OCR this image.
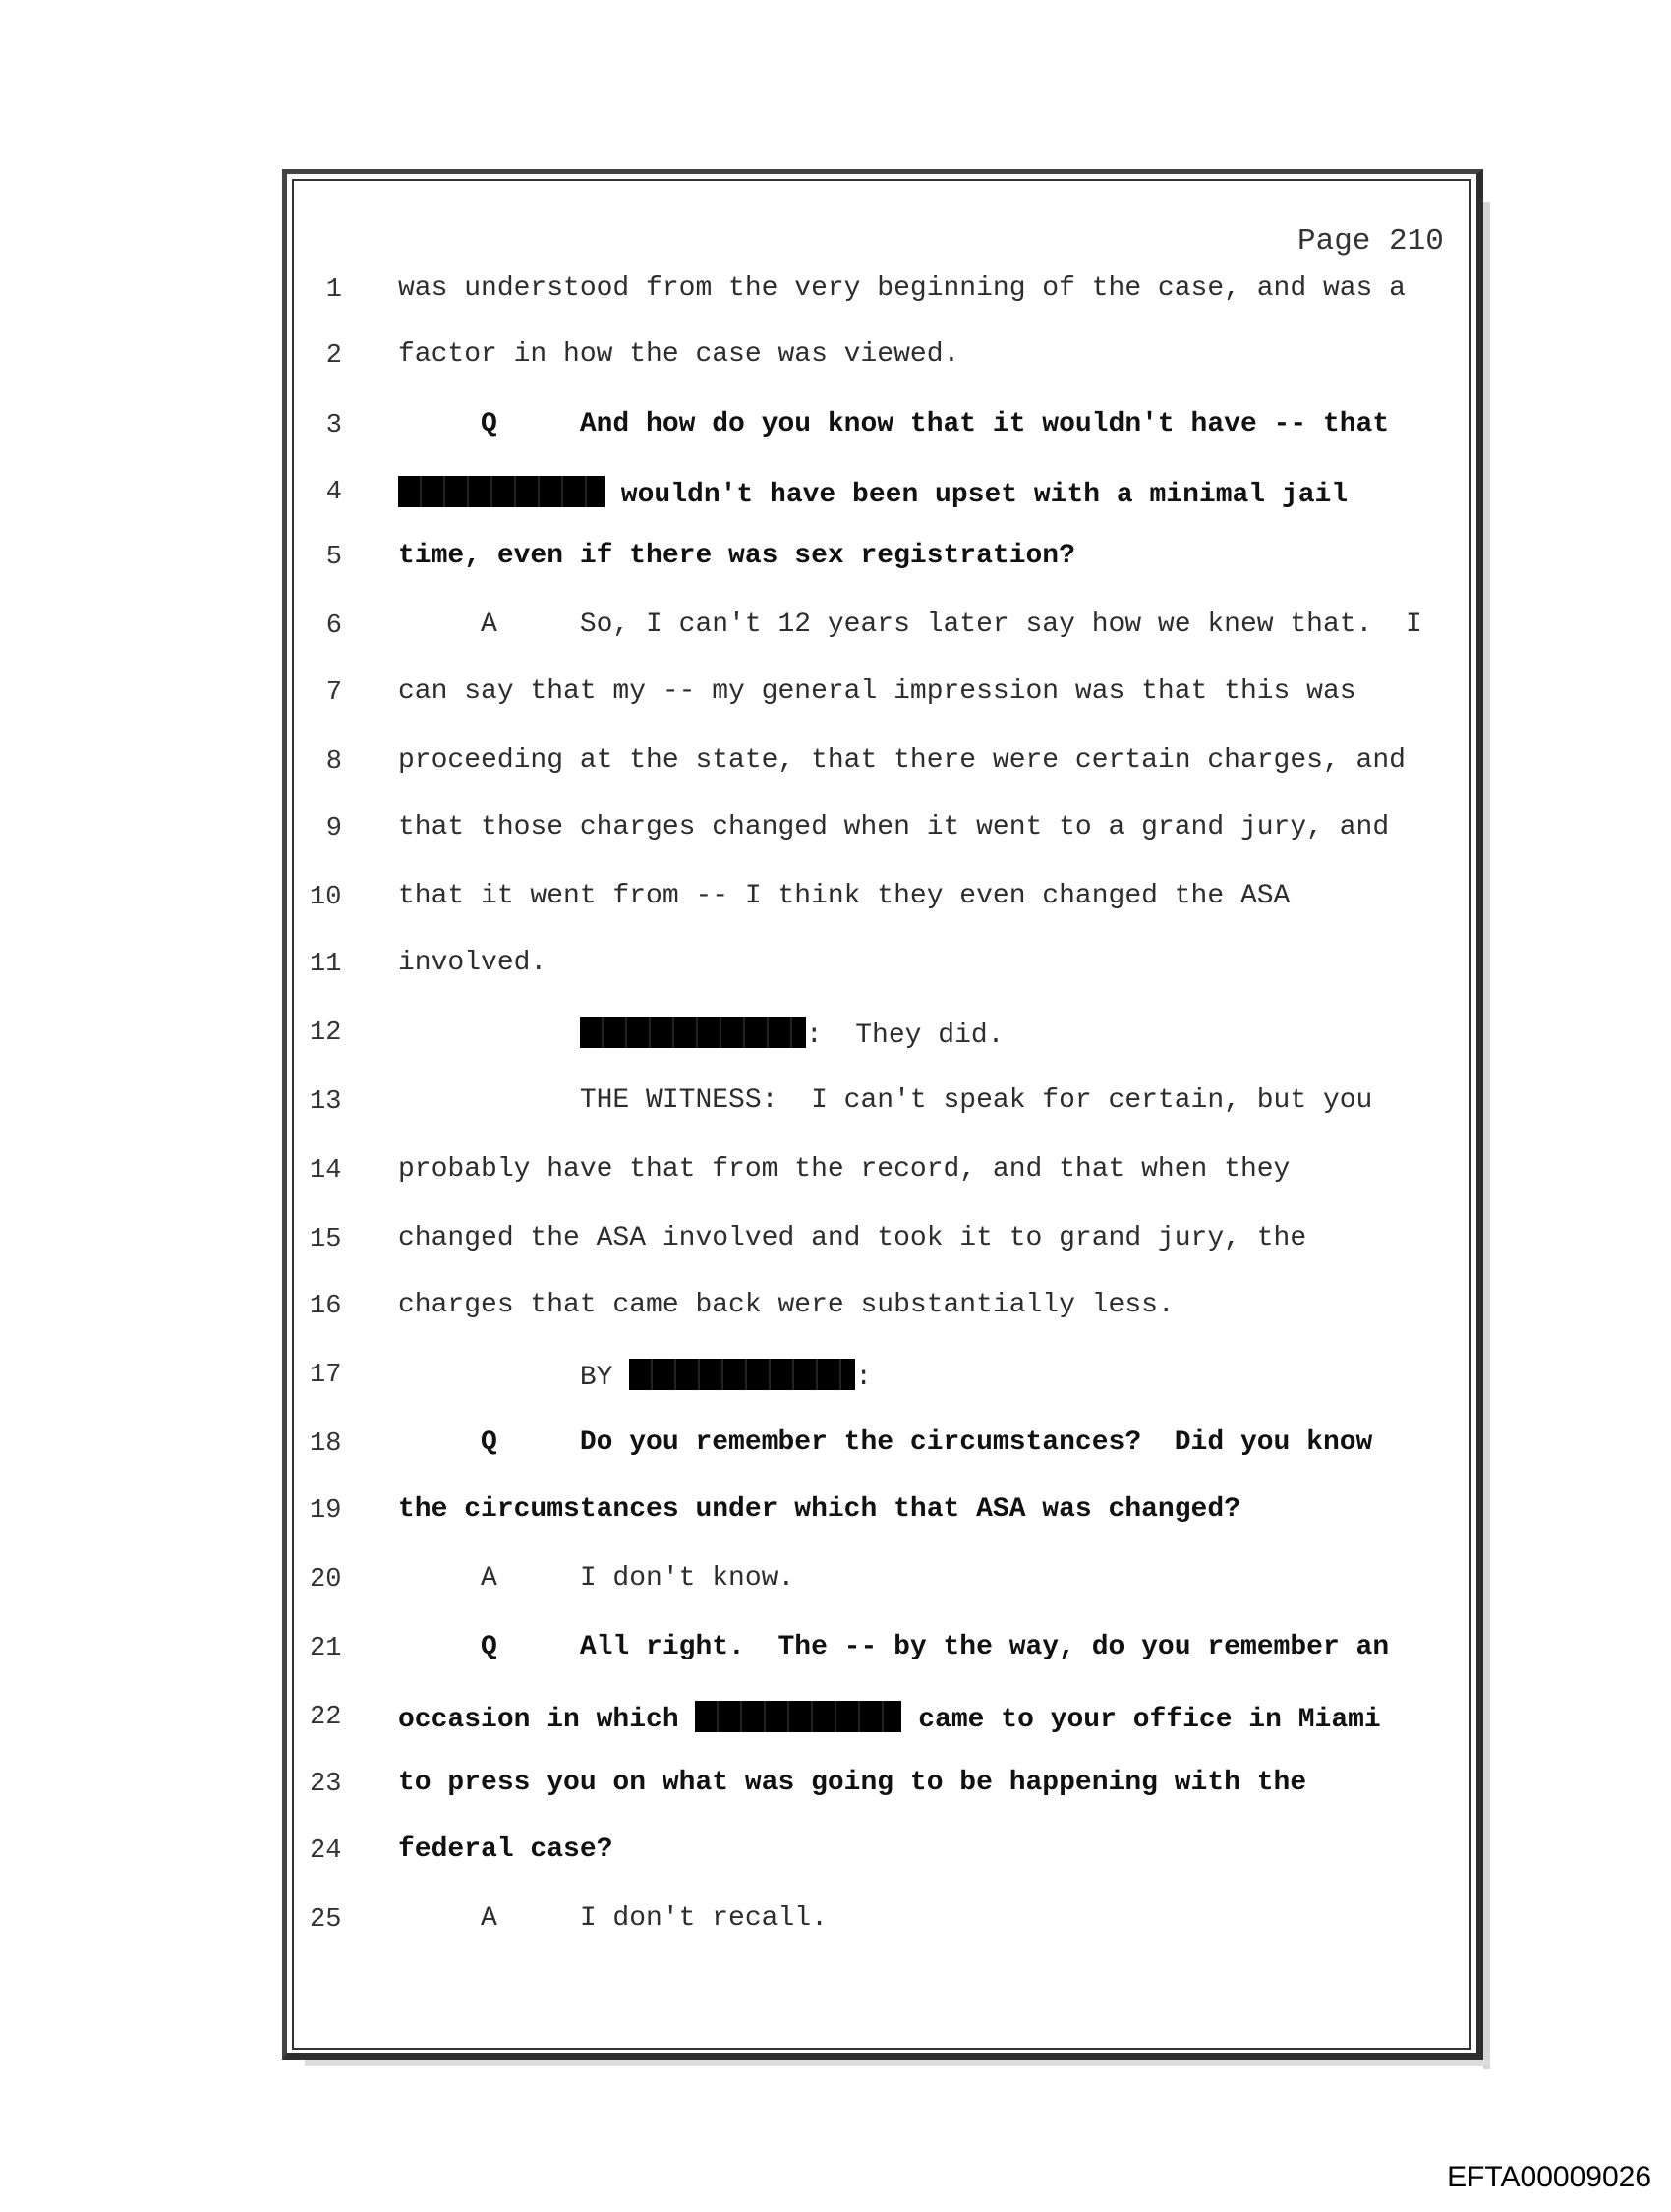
Page 210
1 was understood from the very beginning of the case, and was a
2 factor in how the case was viewed.
3 Q     And how do you know that it wouldn't have -- that
4	wouldn't have been upset with a minimal jail
5 time, even if there was sex registration?
6 A     So, I can't 12 years later say how we knew that.  I
7 can say that my -- my general impression was that this was
8 proceeding at the state, that there were certain charges, and
9 that those charges changed when it went to a grand jury, and
10 that it went from -- I think they even changed the ASA
11 involved.
12	:  They did.
13 THE WITNESS:  I can't speak for certain, but you
14 probably have that from the record, and that when they
15 changed the ASA involved and took it to grand jury, the
16 charges that came back were substantially less.
17 BY	:
18 Q     Do you remember the circumstances?  Did you know
19 the circumstances under which that ASA was changed?
20 A     I don't know.
21 Q     All right.  The -- by the way, do you remember an
22 occasion in which	came to your office in Miami
23 to press you on what was going to be happening with the
24 federal case?
25 A     I don't recall.
EFTA00009026
